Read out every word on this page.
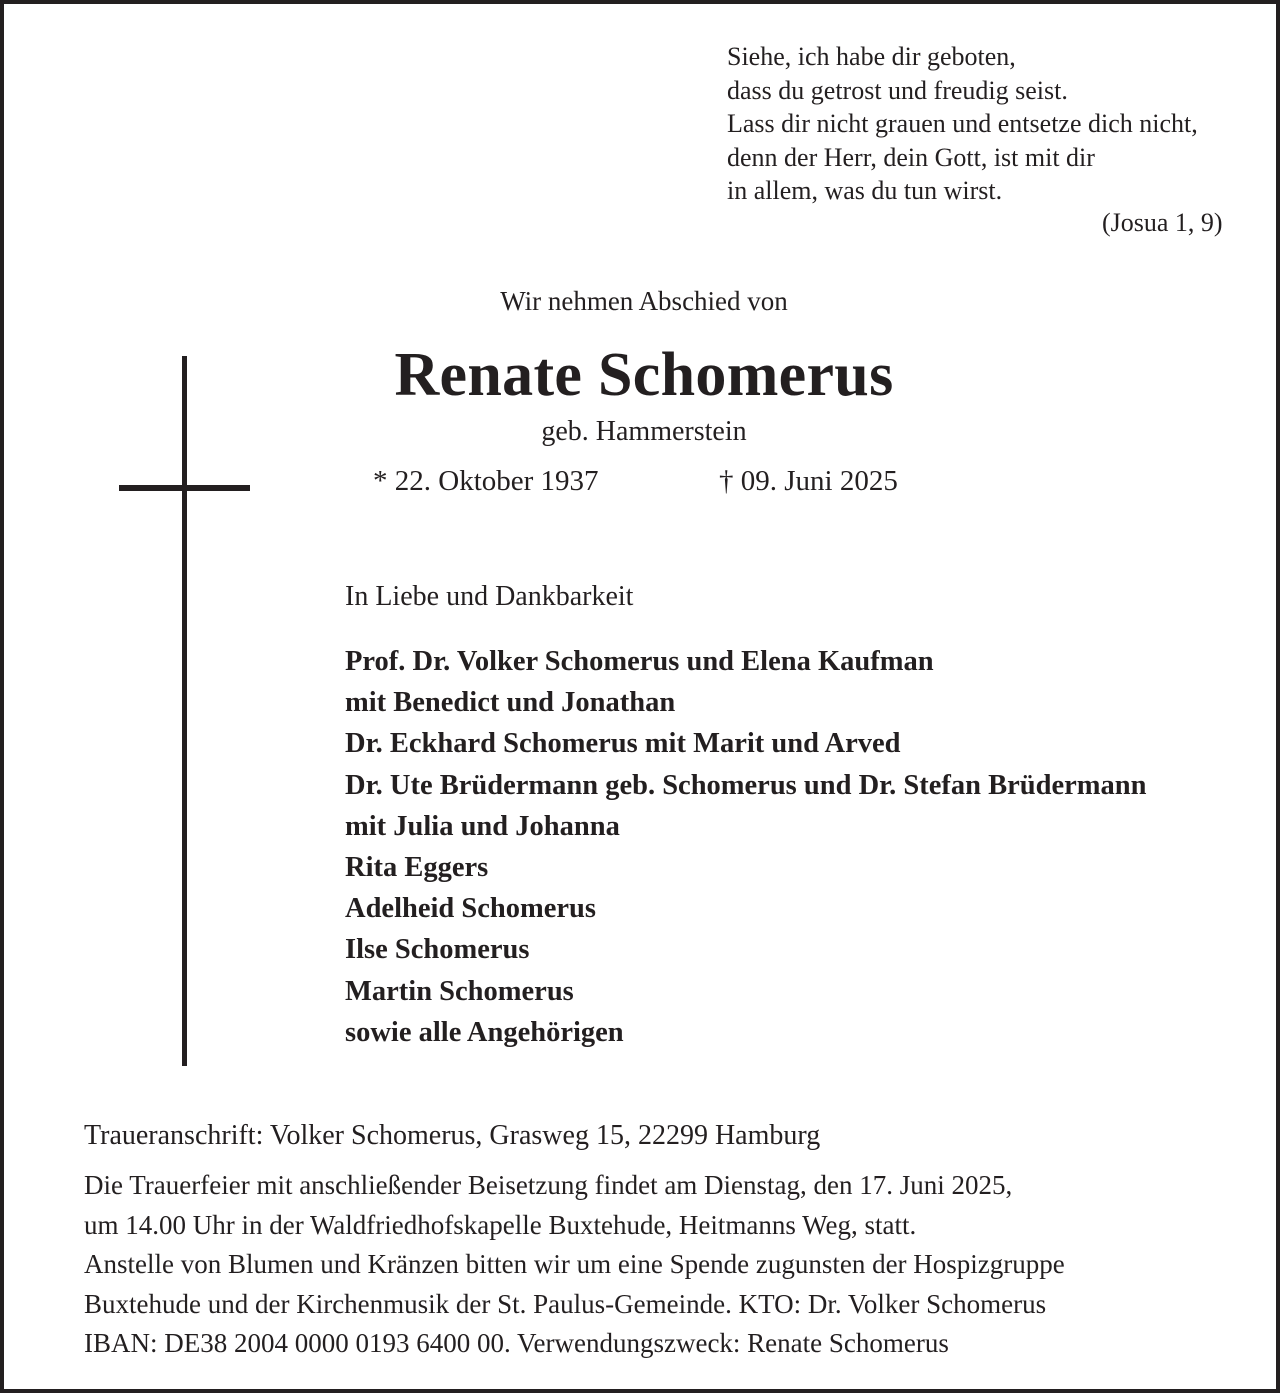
Siehe, ich habe dir geboten,
dass du getrost und freudig seist.
Lass dir nicht grauen und entsetze dich nicht,
denn der Herr, dein Gott, ist mit dir
in allem, was du tun wirst.
(Josua 1, 9)
Wir nehmen Abschied von
Renate Schomerus
geb. Hammerstein
* 22. Oktober 1937	† 09. Juni 2025
In Liebe und Dankbarkeit
Prof. Dr. Volker Schomerus und Elena Kaufman
mit Benedict und Jonathan
Dr. Eckhard Schomerus mit Marit und Arved
Dr. Ute Brüdermann geb. Schomerus und Dr. Stefan Brüdermann
mit Julia und Johanna
Rita Eggers
Adelheid Schomerus
Ilse Schomerus
Martin Schomerus
sowie alle Angehörigen
Traueranschrift: Volker Schomerus, Grasweg 15, 22299 Hamburg
Die Trauerfeier mit anschließender Beisetzung findet am Dienstag, den 17. Juni 2025,
um 14.00 Uhr in der Waldfriedhofskapelle Buxtehude, Heitmanns Weg, statt.
Anstelle von Blumen und Kränzen bitten wir um eine Spende zugunsten der Hospizgruppe
Buxtehude und der Kirchenmusik der St. Paulus-Gemeinde. KTO: Dr. Volker Schomerus
IBAN: DE38 2004 0000 0193 6400 00. Verwendungszweck: Renate Schomerus
